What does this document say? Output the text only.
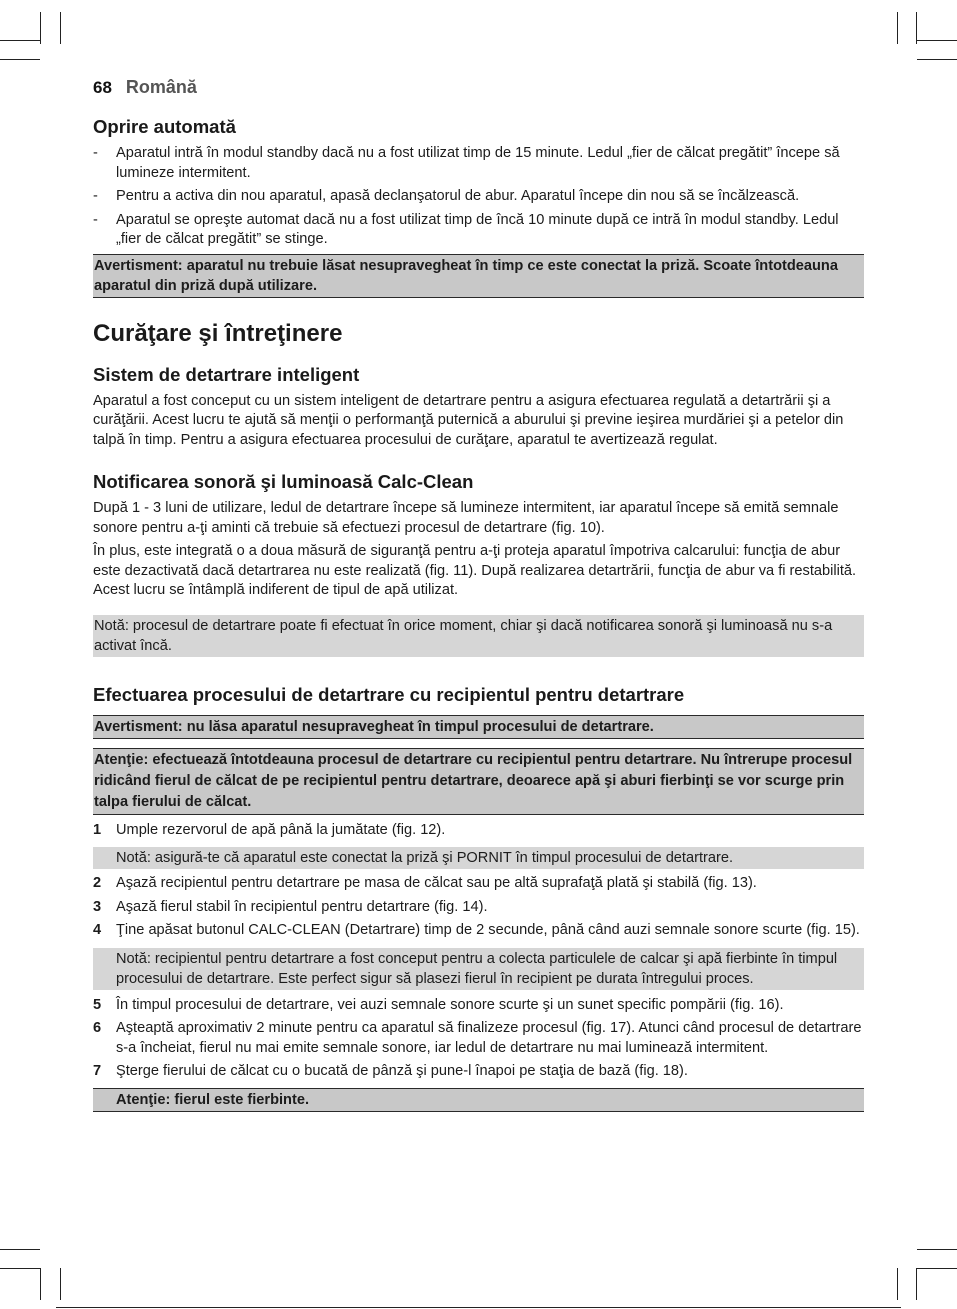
68 Română
Oprire automată
- Aparatul intră în modul standby dacă nu a fost utilizat timp de 15 minute. Ledul „fier de călcat pregătit” începe să lumineze intermitent.
- Pentru a activa din nou aparatul, apasă declanşatorul de abur. Aparatul începe din nou să se încălzească.
- Aparatul se opreşte automat dacă nu a fost utilizat timp de încă 10 minute după ce intră în modul standby. Ledul „fier de călcat pregătit” se stinge.
Avertisment: aparatul nu trebuie lăsat nesupravegheat în timp ce este conectat la priză. Scoate întotdeauna aparatul din priză după utilizare.
Curăţare şi întreţinere
Sistem de detartrare inteligent

Aparatul a fost conceput cu un sistem inteligent de detartrare pentru a asigura efectuarea regulată a detartrării şi a curăţării. Acest lucru te ajută să menţii o performanţă puternică a aburului şi previne ieşirea murdăriei şi a petelor din talpă în timp. Pentru a asigura efectuarea procesului de curăţare, aparatul te avertizează regulat.

Notificarea sonoră şi luminoasă Calc-Clean

După 1 - 3 luni de utilizare, ledul de detartrare începe să lumineze intermitent, iar aparatul începe să emită semnale sonore pentru a-ţi aminti că trebuie să efectuezi procesul de detartrare (fig. 10).

În plus, este integrată o a doua măsură de siguranţă pentru a-ţi proteja aparatul împotriva calcarului: funcţia de abur este dezactivată dacă detartrarea nu este realizată (fig. 11). După realizarea detartrării, funcţia de abur va fi restabilită. Acest lucru se întâmplă indiferent de tipul de apă utilizat.

Notă: procesul de detartrare poate fi efectuat în orice moment, chiar şi dacă notificarea sonoră şi luminoasă nu s-a activat încă.
Efectuarea procesului de detartrare cu recipientul pentru detartrare
Avertisment: nu lăsa aparatul nesupravegheat în timpul procesului de detartrare.
Atenţie: efectuează întotdeauna procesul de detartrare cu recipientul pentru detartrare. Nu întrerupe procesul ridicând fierul de călcat de pe recipientul pentru detartrare, deoarece apă şi aburi fierbinţi se vor scurge prin talpa fierului de călcat.
1 Umple rezervorul de apă până la jumătate (fig. 12).
Notă: asigură-te că aparatul este conectat la priză şi PORNIT în timpul procesului de detartrare.
2 Aşază recipientul pentru detartrare pe masa de călcat sau pe altă suprafaţă plată şi stabilă (fig. 13).
3 Aşază fierul stabil în recipientul pentru detartrare (fig. 14).
4 Ţine apăsat butonul CALC-CLEAN (Detartrare) timp de 2 secunde, până când auzi semnale sonore scurte (fig. 15).
Notă: recipientul pentru detartrare a fost conceput pentru a colecta particulele de calcar şi apă fierbinte în timpul procesului de detartrare. Este perfect sigur să plasezi fierul în recipient pe durata întregului proces.
5 În timpul procesului de detartrare, vei auzi semnale sonore scurte şi un sunet specific pompării (fig. 16).
6 Aşteaptă aproximativ 2 minute pentru ca aparatul să finalizeze procesul (fig. 17). Atunci când procesul de detartrare s-a încheiat, fierul nu mai emite semnale sonore, iar ledul de detartrare nu mai luminează intermitent.
7 Şterge fierului de călcat cu o bucată de pânză şi pune-l înapoi pe staţia de bază (fig. 18).
Atenţie: fierul este fierbinte.
